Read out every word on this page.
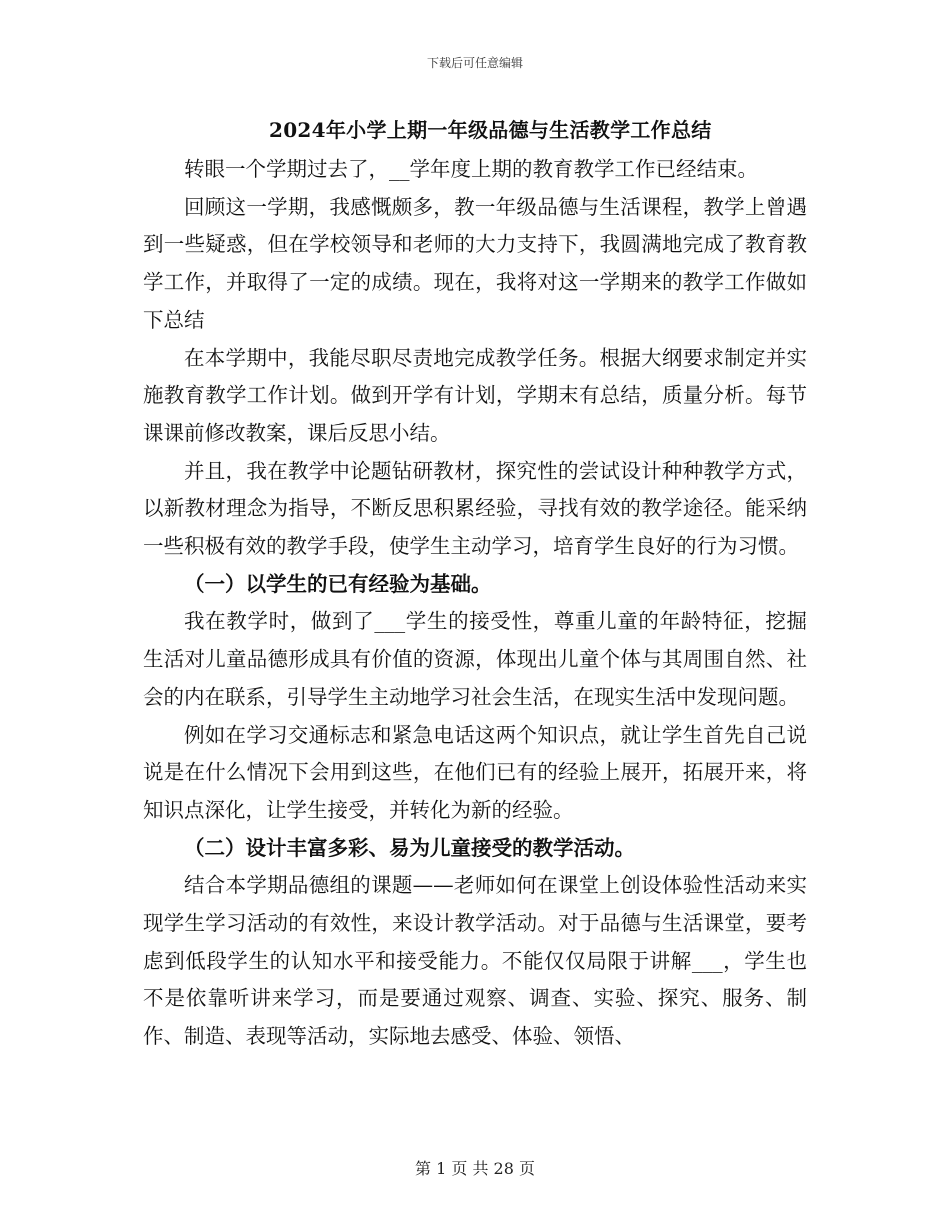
下载后可任意编辑
2024年小学上期一年级品德与生活教学工作总结

转眼一个学期过去了，__学年度上期的教育教学工作已经结束。

回顾这一学期，我感慨颇多，教一年级品德与生活课程，教学上曾遇到一些疑惑，但在学校领导和老师的大力支持下，我圆满地完成了教育教学工作，并取得了一定的成绩。现在，我将对这一学期来的教学工作做如下总结

在本学期中，我能尽职尽责地完成教学任务。根据大纲要求制定并实施教育教学工作计划。做到开学有计划，学期末有总结，质量分析。每节课课前修改教案，课后反思小结。

并且，我在教学中论题钻研教材，探究性的尝试设计种种教学方式，以新教材理念为指导，不断反思积累经验，寻找有效的教学途径。能采纳一些积极有效的教学手段，使学生主动学习，培育学生良好的行为习惯。

（一）以学生的已有经验为基础。

我在教学时，做到了___学生的接受性，尊重儿童的年龄特征，挖掘生活对儿童品德形成具有价值的资源，体现出儿童个体与其周围自然、社会的内在联系，引导学生主动地学习社会生活，在现实生活中发现问题。

例如在学习交通标志和紧急电话这两个知识点，就让学生首先自己说说是在什么情况下会用到这些，在他们已有的经验上展开，拓展开来，将知识点深化，让学生接受，并转化为新的经验。

（二）设计丰富多彩、易为儿童接受的教学活动。

结合本学期品德组的课题——老师如何在课堂上创设体验性活动来实现学生学习活动的有效性，来设计教学活动。对于品德与生活课堂，要考虑到低段学生的认知水平和接受能力。不能仅仅局限于讲解___，学生也不是依靠听讲来学习，而是要通过观察、调查、实验、探究、服务、制作、制造、表现等活动，实际地去感受、体验、领悟、

第 1 页 共 28 页
